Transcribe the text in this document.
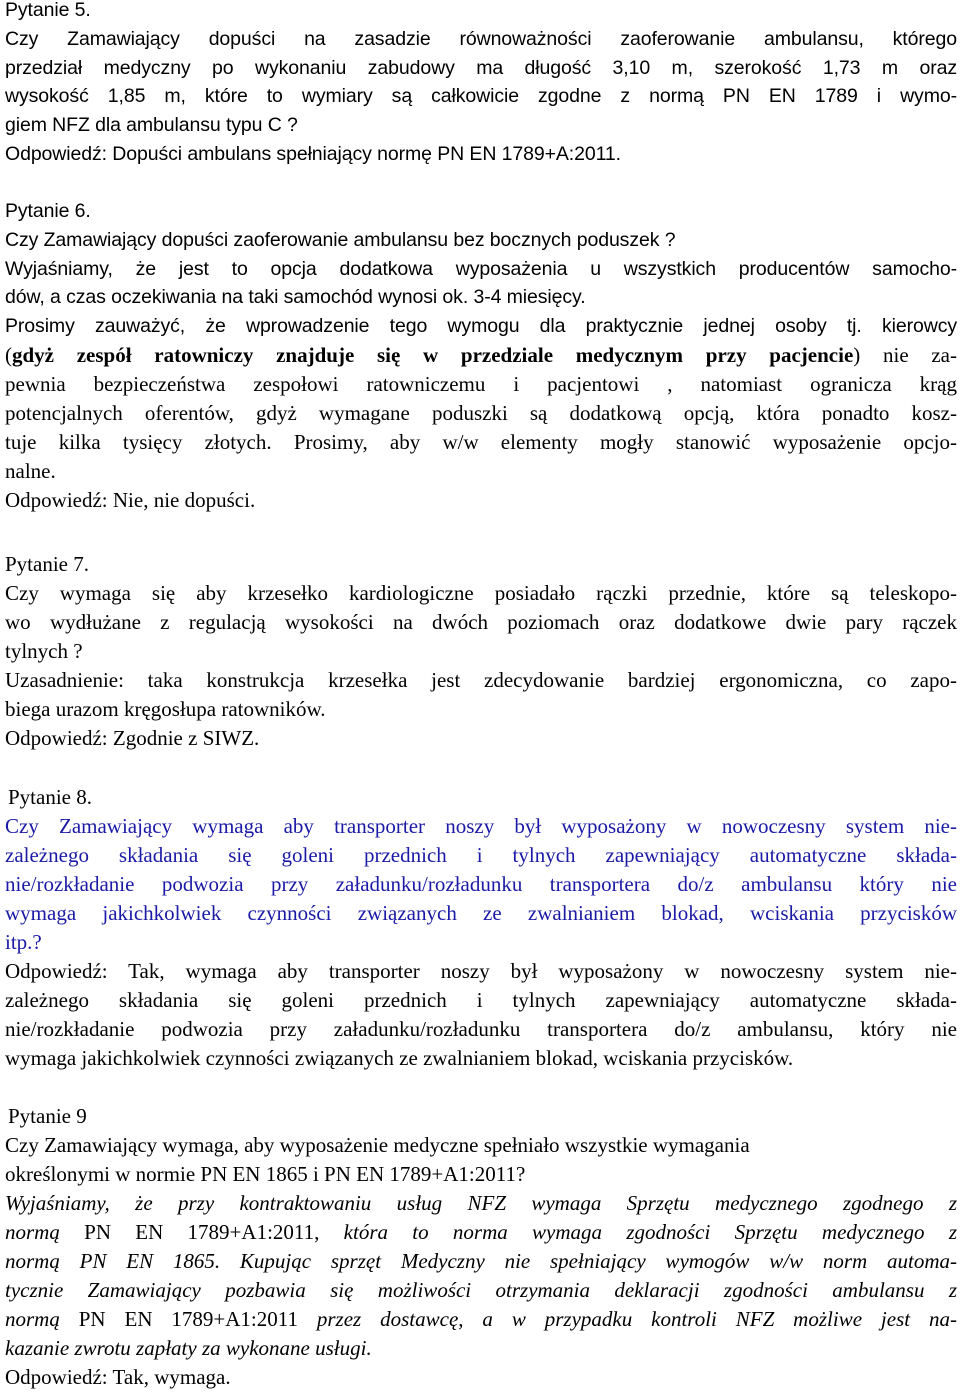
Pytanie 5.
Czy Zamawiający dopuści na zasadzie równoważności zaoferowanie ambulansu, którego
przedział medyczny po wykonaniu zabudowy ma długość 3,10 m, szerokość 1,73 m oraz
wysokość 1,85 m, które to wymiary są całkowicie zgodne z normą PN EN 1789 i wymo-
giem NFZ dla ambulansu typu C ?
Odpowiedź: Dopuści ambulans spełniający normę PN EN 1789+A:2011.
Pytanie 6.
Czy Zamawiający dopuści zaoferowanie ambulansu bez bocznych poduszek ?
Wyjaśniamy, że jest to opcja dodatkowa wyposażenia u wszystkich producentów samocho-
dów, a czas oczekiwania na taki samochód wynosi ok. 3-4 miesięcy.
Prosimy zauważyć, że wprowadzenie tego wymogu dla praktycznie jednej osoby tj. kierowcy
(gdyż zespół ratowniczy znajduje się w przedziale medycznym przy pacjencie) nie za-
pewnia bezpieczeństwa zespołowi ratowniczemu i pacjentowi , natomiast ogranicza krąg
potencjalnych oferentów, gdyż wymagane poduszki są dodatkową opcją, która ponadto kosz-
tuje kilka tysięcy złotych. Prosimy, aby w/w elementy mogły stanowić wyposażenie opcjo-
nalne.
Odpowiedź: Nie, nie dopuści.
Pytanie 7.
Czy wymaga się aby krzesełko kardiologiczne posiadało rączki przednie, które są teleskopo-
wo wydłużane z regulacją wysokości na dwóch poziomach oraz dodatkowe dwie pary rączek
tylnych ?
Uzasadnienie: taka konstrukcja krzesełka jest zdecydowanie bardziej ergonomiczna, co zapo-
biega urazom kręgosłupa ratowników.
Odpowiedź: Zgodnie z SIWZ.
Pytanie 8.
Czy Zamawiający wymaga aby transporter noszy był wyposażony w nowoczesny system nie-
zależnego składania się goleni przednich i tylnych zapewniający automatyczne składa-
nie/rozkładanie podwozia przy załadunku/rozładunku transportera do/z ambulansu który nie
wymaga jakichkolwiek czynności związanych ze zwalnianiem blokad, wciskania przycisków
itp.?
Odpowiedź: Tak, wymaga aby transporter noszy był wyposażony w nowoczesny system nie-
zależnego składania się goleni przednich i tylnych zapewniający automatyczne składa-
nie/rozkładanie podwozia przy załadunku/rozładunku transportera do/z ambulansu, który nie
wymaga jakichkolwiek czynności związanych ze zwalnianiem blokad, wciskania przycisków.
Pytanie 9
Czy Zamawiający wymaga, aby wyposażenie medyczne spełniało wszystkie wymagania
określonymi w normie PN EN 1865 i PN EN 1789+A1:2011?
Wyjaśniamy, że przy kontraktowaniu usług NFZ wymaga Sprzętu medycznego zgodnego z
normą PN EN 1789+A1:2011, która to norma wymaga zgodności Sprzętu medycznego z
normą PN EN 1865. Kupując sprzęt Medyczny nie spełniający wymogów w/w norm automa-
tycznie Zamawiający pozbawia się możliwości otrzymania deklaracji zgodności ambulansu z
normą PN EN 1789+A1:2011 przez dostawcę, a w przypadku kontroli NFZ możliwe jest na-
kazanie zwrotu zapłaty za wykonane usługi.
Odpowiedź: Tak, wymaga.
